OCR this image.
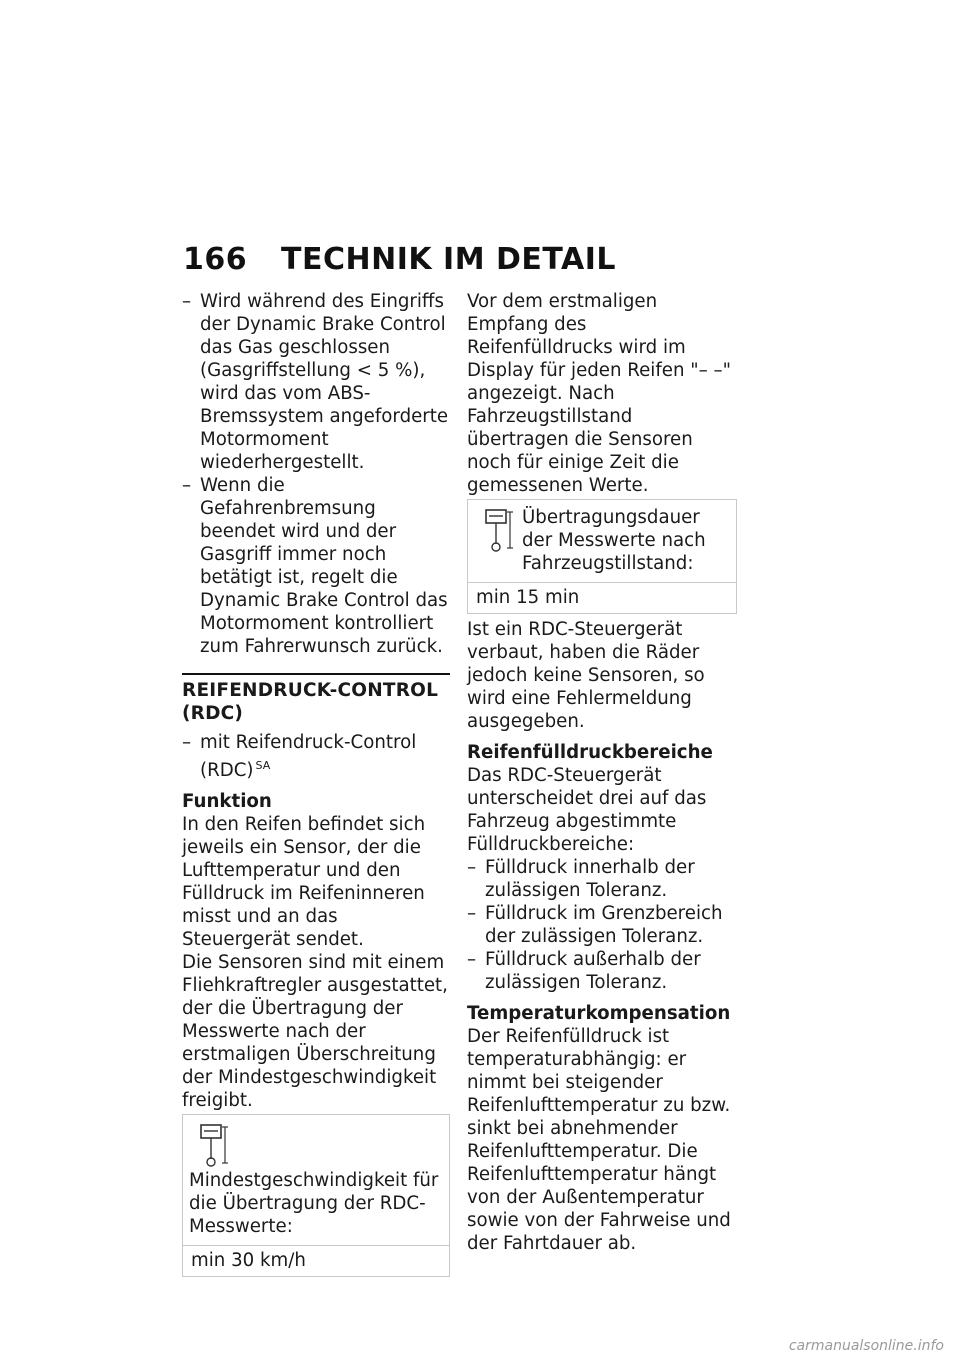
166 TECHNIK IM DETAIL

– Wird während des Eingriffs der Dynamic Brake Control das Gas geschlossen (Gasgriffstellung < 5 %), wird das vom ABS-Bremssystem angeforderte Motormoment wiederhergestellt.

– Wenn die Gefahrenbremsung beendet wird und der Gasgriff immer noch betätigt ist, regelt die Dynamic Brake Control das Motormoment kontrolliert zum Fahrerwunsch zurück.

REIFENDRUCK-CONTROL (RDC)

– mit Reifendruck-Control (RDC) $^{SA}$

Funktion

In den Reifen befindet sich jeweils ein Sensor, der die Lufttemperatur und den Fülldruck im Reifeninneren misst und an das Steuergerät sendet.

Die Sensoren sind mit einem Fliehkraftregler ausgestattet, der die Übertragung der Messwerte nach der erstmaligen Überschreitung der Mindestgeschwindigkeit freigibt.

Mindestgeschwindigkeit für die Übertragung der RDC-Messwerte:
min 30 km/h

Vor dem erstmaligen Empfang des Reifenfülldrucks wird im Display für jeden Reifen "– –" angezeigt. Nach Fahrzeugstillstand übertragen die Sensoren noch für einige Zeit die gemessenen Werte.

Übertragungsdauer der Messwerte nach Fahrzeugstillstand:
min 15 min

Ist ein RDC-Steuergerät verbaut, haben die Räder jedoch keine Sensoren, so wird eine Fehlermeldung ausgegeben.

Reifenfülldruckbereiche

Das RDC-Steuergerät unterscheidet drei auf das Fahrzeug abgestimmte Fülldruckbereiche:

– Fülldruck innerhalb der zulässigen Toleranz.

– Fülldruck im Grenzbereich der zulässigen Toleranz.

– Fülldruck außerhalb der zulässigen Toleranz.

Temperaturkompensation

Der Reifenfülldruck ist temperaturabhängig: er nimmt bei steigender Reifenlufttemperatur zu bzw. sinkt bei abnehmender Reifenlufttemperatur. Die Reifenlufttemperatur hängt von der Außentemperatur sowie von der Fahrweise und der Fahrtdauer ab.

carmanualsonline.info
